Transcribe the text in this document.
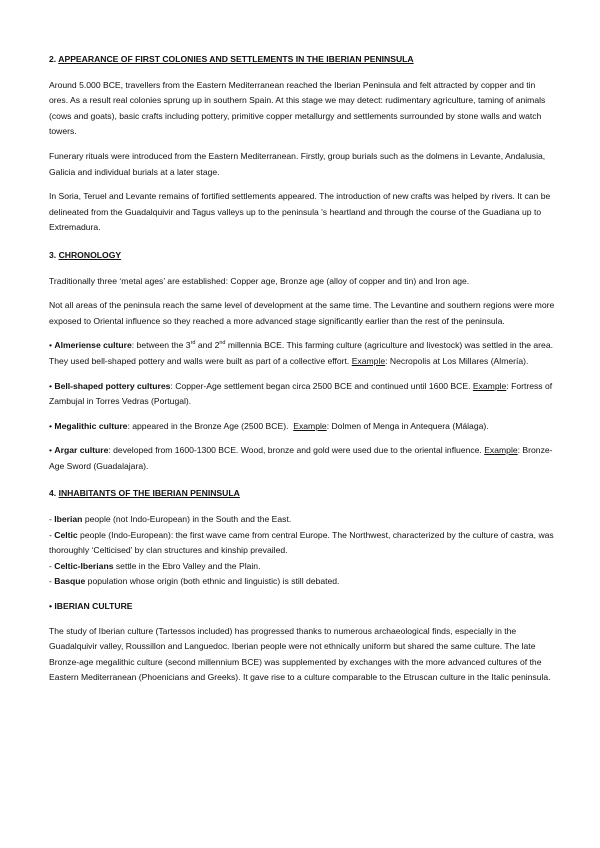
2. APPEARANCE OF FIRST COLONIES AND SETTLEMENTS IN THE IBERIAN PENINSULA

Around 5.000 BCE, travellers from the Eastern Mediterranean reached the Iberian Peninsula and felt attracted by copper and tin ores. As a result real colonies sprung up in southern Spain. At this stage we may detect: rudimentary agriculture, taming of animals (cows and goats), basic crafts including pottery, primitive copper metallurgy and settlements surrounded by stone walls and watch towers.

Funerary rituals were introduced from the Eastern Mediterranean. Firstly, group burials such as the dolmens in Levante, Andalusia, Galicia and individual burials at a later stage.

In Soria, Teruel and Levante remains of fortified settlements appeared. The introduction of new crafts was helped by rivers. It can be delineated from the Guadalquivir and Tagus valleys up to the peninsula 's heartland and through the course of the Guadiana up to Extremadura.

3. CHRONOLOGY

Traditionally three ‘metal ages’ are established: Copper age, Bronze age (alloy of copper and tin) and Iron age.

Not all areas of the peninsula reach the same level of development at the same time. The Levantine and southern regions were more exposed to Oriental influence so they reached a more advanced stage significantly earlier than the rest of the peninsula.

• Almeriense culture: between the 3rd and 2nd millennia BCE. This farming culture (agriculture and livestock) was settled in the area. They used bell-shaped pottery and walls were built as part of a collective effort. Example: Necropolis at Los Millares (Almería).

• Bell-shaped pottery cultures: Copper-Age settlement began circa 2500 BCE and continued until 1600 BCE. Example: Fortress of Zambujal in Torres Vedras (Portugal).

• Megalithic culture: appeared in the Bronze Age (2500 BCE).  Example: Dolmen of Menga in Antequera (Málaga).

• Argar culture: developed from 1600-1300 BCE. Wood, bronze and gold were used due to the oriental influence. Example: Bronze-Age Sword (Guadalajara).

4. INHABITANTS OF THE IBERIAN PENINSULA

- Iberian people (not Indo-European) in the South and the East.
- Celtic people (Indo-European): the first wave came from central Europe. The Northwest, characterized by the culture of castra, was thoroughly ‘Celticised’ by clan structures and kinship prevailed.
- Celtic-Iberians settle in the Ebro Valley and the Plain.
- Basque population whose origin (both ethnic and linguistic) is still debated.

• IBERIAN CULTURE

The study of Iberian culture (Tartessos included) has progressed thanks to numerous archaeological finds, especially in the Guadalquivir valley, Roussillon and Languedoc. Iberian people were not ethnically uniform but shared the same culture. The late Bronze-age megalithic culture (second millennium BCE) was supplemented by exchanges with the more advanced cultures of the Eastern Mediterranean (Phoenicians and Greeks). It gave rise to a culture comparable to the Etruscan culture in the Italic peninsula.
